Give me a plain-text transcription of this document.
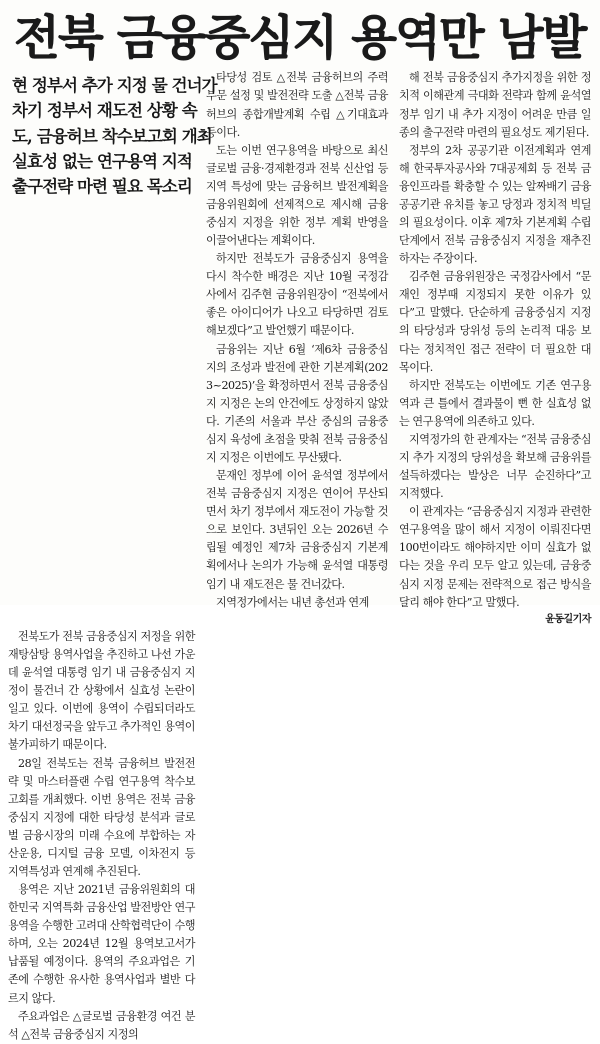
전북 금융중심지 용역만 남발
현 정부서 추가 지정 물 건너가
차기 정부서 재도전 상황 속
도, 금융허브 착수보고회 개최
실효성 없는 연구용역 지적
출구전략 마련 필요 목소리

타당성 검토 △전북 금융허브의 주력부문 설정 및 발전전략 도출 △전북 금융허브의 종합개발계획 수립 △기대효과 등이다.

도는 이번 연구용역을 바탕으로 최신 글로벌 금융·경제환경과 전북 신산업 등 지역 특성에 맞는 금융허브 발전계획을 금융위원회에 선제적으로 제시해 금융중심지 지정을 위한 정부 계획 반영을 이끌어낸다는 계획이다.

하지만 전북도가 금융중심지 용역을 다시 착수한 배경은 지난 10월 국정감사에서 김주현 금융위원장이 “전북에서 좋은 아이디어가 나오고 타당하면 검토해보겠다”고 발언했기 때문이다.

금융위는 지난 6월 ‘제6차 금융중심지의 조성과 발전에 관한 기본계획(2023~2025)’을 확정하면서 전북 금융중심지 지정은 논의 안건에도 상정하지 않았다. 기존의 서울과 부산 중심의 금융중심지 육성에 초점을 맞춰 전북 금융중심지 지정은 이번에도 무산됐다.

문재인 정부에 이어 윤석열 정부에서 전북 금융중심지 지정은 연이어 무산되면서 차기 정부에서 재도전이 가능할 것으로 보인다. 3년뒤인 오는 2026년 수립될 예정인 제7차 금융중심지 기본계획에서나 논의가 가능해 윤석열 대통령 임기 내 재도전은 물 건너갔다.

지역정가에서는 내년 총선과 연계

해 전북 금융중심지 추가지정을 위한 정치적 이해관계 극대화 전략과 함께 윤석열 정부 임기 내 추가 지정이 어려운 만큼 일종의 출구전략 마련의 필요성도 제기된다.

정부의 2차 공공기관 이전계획과 연계해 한국투자공사와 7대공제회 등 전북 금융인프라를 확충할 수 있는 알짜배기 금융공공기관 유치를 놓고 당정과 정치적 빅딜의 필요성이다. 이후 제7차 기본계획 수립단계에서 전북 금융중심지 지정을 재추진하자는 주장이다.

김주현 금융위원장은 국정감사에서 “문재인 정부때 지정되지 못한 이유가 있다”고 말했다. 단순하게 금융중심지 지정의 타당성과 당위성 등의 논리적 대응 보다는 정치적인 접근 전략이 더 필요한 대목이다.

하지만 전북도는 이번에도 기존 연구용역과 큰 틀에서 결과물이 뻔 한 실효성 없는 연구용역에 의존하고 있다.

지역정가의 한 관계자는 “전북 금융중심지 추가 지정의 당위성을 확보해 금융위를 설득하겠다는 발상은 너무 순진하다”고 지적했다.

이 관계자는 “금융중심지 지정과 관련한 연구용역을 많이 해서 지정이 이뤄진다면 100번이라도 해야하지만 이미 실효가 없다는 것을 우리 모두 알고 있는데, 금융중심지 지정 문제는 전략적으로 접근 방식을 달리 해야 한다”고 말했다.

윤동길기자

전북도가 전북 금융중심지 저정을 위한 재탕삼탕 용역사업을 추진하고 나선 가운데 윤석열 대통령 임기 내 금융중심지 지정이 물건너 간 상황에서 실효성 논란이 일고 있다. 이번에 용역이 수립되더라도 차기 대선정국을 앞두고 추가적인 용역이 불가피하기 때문이다.

28일 전북도는 전북 금융허브 발전전략 및 마스터플랜 수립 연구용역 착수보고회를 개최했다. 이번 용역은 전북 금융중심지 지정에 대한 타당성 분석과 글로벌 금융시장의 미래 수요에 부합하는 자산운용, 디지털 금융 모델, 이차전지 등 지역특성과 연계해 추진된다.

용역은 지난 2021년 금융위원회의 대한민국 지역특화 금융산업 발전방안 연구용역을 수행한 고려대 산학협력단이 수행하며, 오는 2024년 12월 용역보고서가 납품될 예정이다. 용역의 주요과업은 기존에 수행한 유사한 용역사업과 별반 다르지 않다.

주요과업은 △글로벌 금융환경 여건 분석 △전북 금융중심지 지정의
